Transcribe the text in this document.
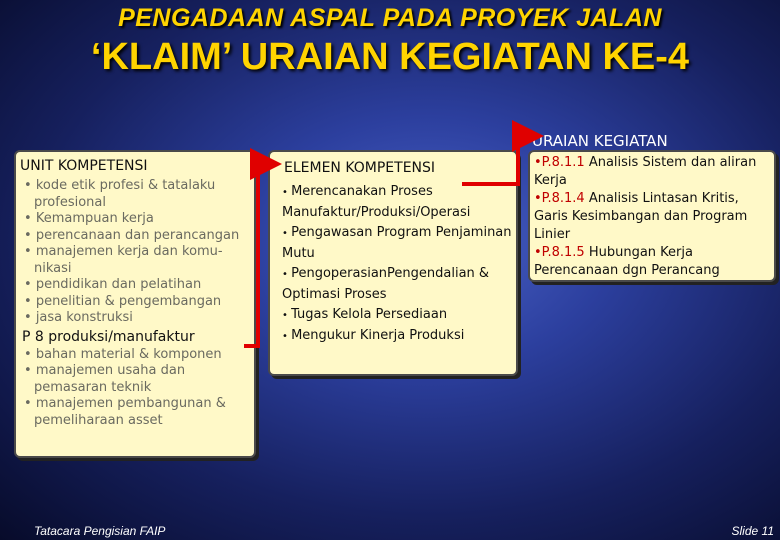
PENGADAAN ASPAL PADA PROYEK JALAN
‘KLAIM’ URAIAN KEGIATAN KE-4
UNIT KOMPETENSI
• kode etik profesi & tatalaku profesional
• Kemampuan kerja
• perencanaan dan perancangan
• manajemen kerja dan komu-nikasi
• pendidikan dan pelatihan
• penelitian & pengembangan
• jasa konstruksi
P 8 produksi/manufaktur
• bahan material & komponen
• manajemen usaha dan pemasaran teknik
• manajemen pembangunan & pemeliharaan asset
ELEMEN KOMPETENSI
• Merencanakan Proses Manufaktur/Produksi/Operasi
• Pengawasan Program Penjaminan Mutu
• PengoperasianPengendalian & Optimasi Proses
• Tugas Kelola Persediaan
• Mengukur Kinerja Produksi
URAIAN KEGIATAN
• P.8.1.1 Analisis Sistem dan aliran Kerja
• P.8.1.4 Analisis Lintasan Kritis, Garis Kesimbangan dan Program Linier
• P.8.1.5 Hubungan Kerja Perencanaan dgn Perancang
Tatacara Pengisian FAIP	Slide 11
